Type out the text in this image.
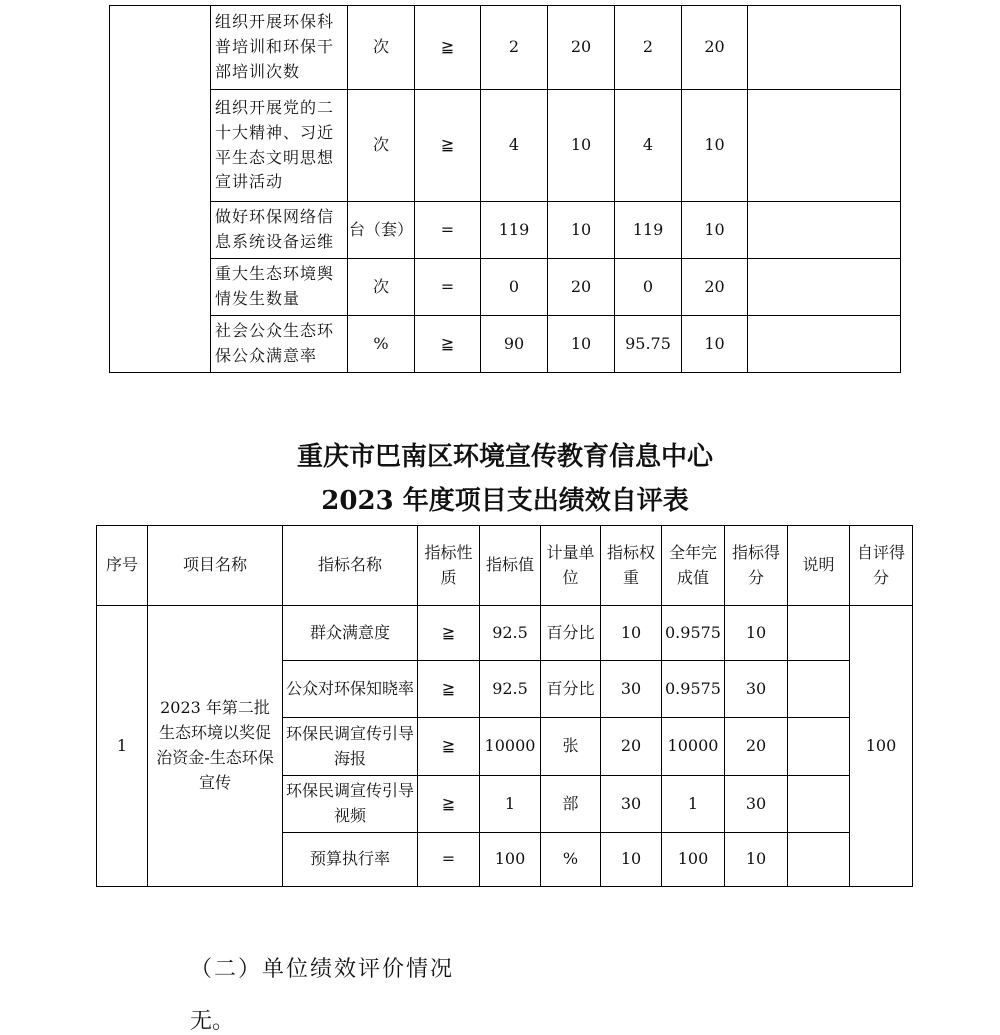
	组织开展环保科普培训和环保干部培训次数	次	≧	2	20	2	20	
	组织开展党的二十大精神、习近平生态文明思想宣讲活动	次	≧	4	10	4	10	
	做好环保网络信息系统设备运维	台（套）	=	119	10	119	10	
	重大生态环境舆情发生数量	次	=	0	20	0	20	
	社会公众生态环保公众满意率	%	≧	90	10	95.75	10	
重庆市巴南区环境宣传教育信息中心
2023 年度项目支出绩效自评表
序号	项目名称	指标名称	指标性质	指标值	计量单位	指标权重	全年完成值	指标得分	说明	自评得分
1	2023 年第二批生态环境以奖促治资金-生态环保宣传	群众满意度	≧	92.5	百分比	10	0.9575	10		100
		公众对环保知晓率	≧	92.5	百分比	30	0.9575	30		
		环保民调宣传引导海报	≧	10000	张	20	10000	20		
		环保民调宣传引导视频	≧	1	部	30	1	30		
		预算执行率	=	100	%	10	100	10		
（二）单位绩效评价情况
无。
